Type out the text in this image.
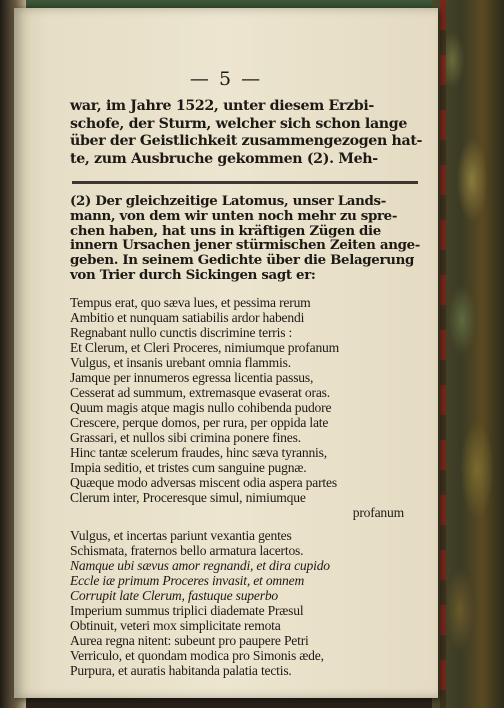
— 5 —
war, im Jahre 1522, unter diesem Erzbi-
schofe, der Sturm, welcher sich schon lange
über der Geistlichkeit zusammengezogen hat-
te, zum Ausbruche gekommen (2). Meh-
(2) Der gleichzeitige Latomus, unser Lands-
mann, von dem wir unten noch mehr zu spre-
chen haben, hat uns in kräftigen Zügen die
innern Ursachen jener stürmischen Zeiten ange-
geben. In seinem Gedichte über die Belagerung
von Trier durch Sickingen sagt er:
Tempus erat, quo sæva lues, et pessima rerum
Ambitio et nunquam satiabilis ardor habendi
Regnabant nullo cunctis discrimine terris :
Et Clerum, et Cleri Proceres, nimiumque profanum
Vulgus, et insanis urebant omnia flammis.
Jamque per innumeros egressa licentia passus,
Cesserat ad summum, extremasque evaserat oras.
Quum magis atque magis nullo cohibenda pudore
Crescere, perque domos, per rura, per oppida late
Grassari, et nullos sibi crimina ponere fines.
Hinc tantæ scelerum fraudes, hinc sæva tyrannis,
Impia seditio, et tristes cum sanguine pugnæ.
Quæque modo adversas miscent odia aspera partes
Clerum inter, Proceresque simul, nimiumque
profanum
Vulgus, et incertas pariunt vexantia gentes
Schismata, fraternos bello armatura lacertos.
Namque ubi sævus amor regnandi, et dira cupido
Eccle iæ primum Proceres invasit, et omnem
Corrupit late Clerum, fastuque superbo
Imperium summus triplici diademate Præsul
Obtinuit, veteri mox simplicitate remota
Aurea regna nitent: subeunt pro paupere Petri
Verriculo, et quondam modica pro Simonis æde,
Purpura, et auratis habitanda palatia tectis.
